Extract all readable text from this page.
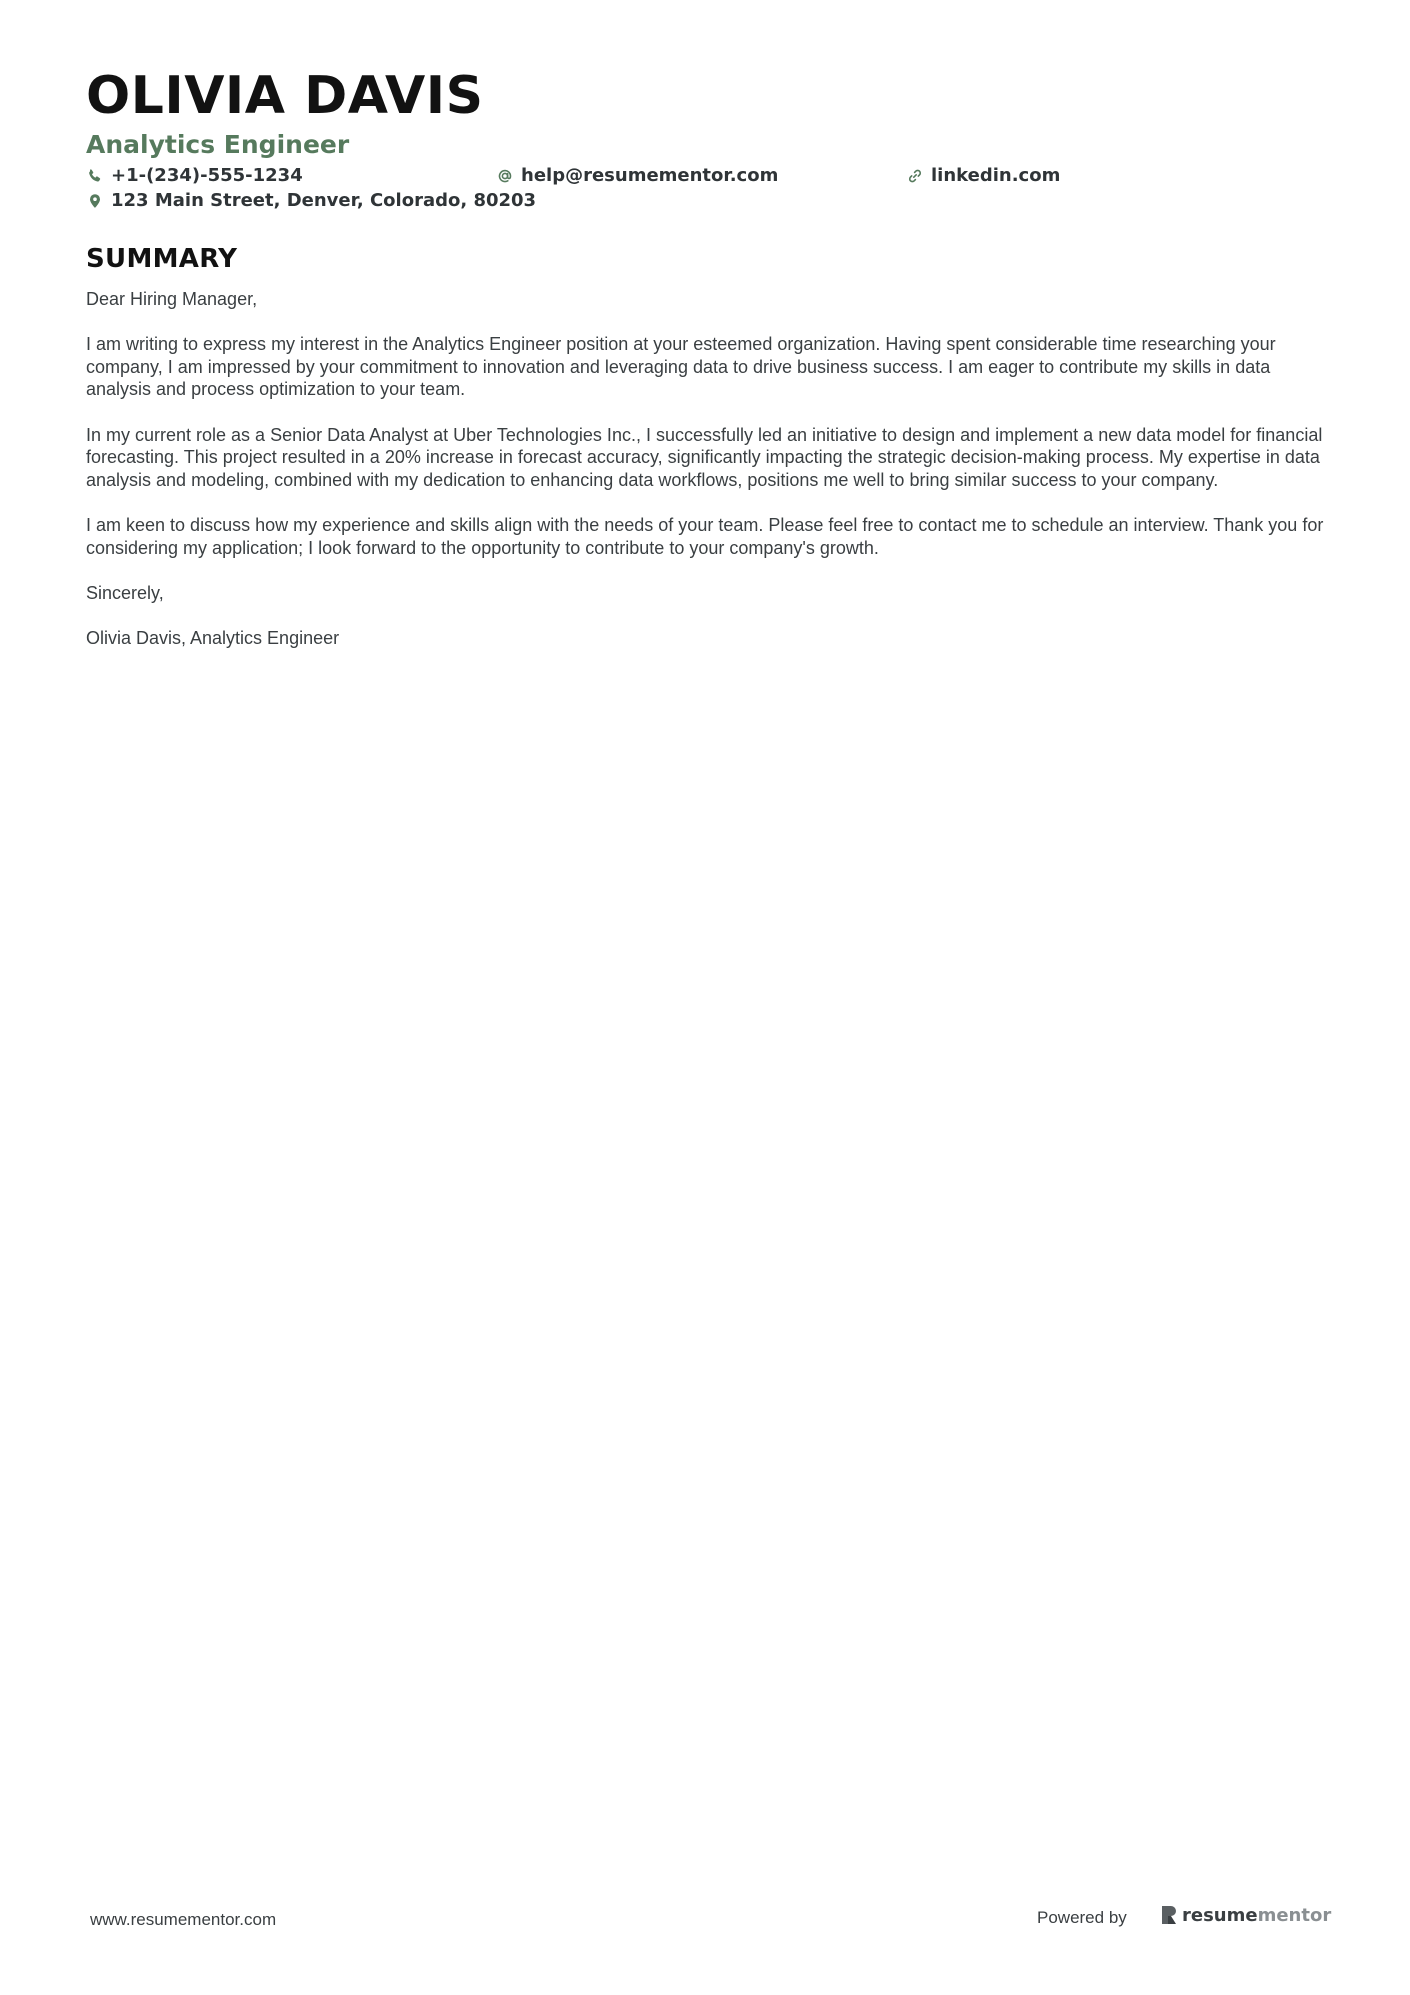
OLIVIA DAVIS
Analytics Engineer
+1-(234)-555-1234	help@resumementor.com	linkedin.com
123 Main Street, Denver, Colorado, 80203
SUMMARY

Dear Hiring Manager,

I am writing to express my interest in the Analytics Engineer position at your esteemed organization. Having spent considerable time researching your company, I am impressed by your commitment to innovation and leveraging data to drive business success. I am eager to contribute my skills in data analysis and process optimization to your team.

In my current role as a Senior Data Analyst at Uber Technologies Inc., I successfully led an initiative to design and implement a new data model for financial forecasting. This project resulted in a 20% increase in forecast accuracy, significantly impacting the strategic decision-making process. My expertise in data analysis and modeling, combined with my dedication to enhancing data workflows, positions me well to bring similar success to your company.

I am keen to discuss how my experience and skills align with the needs of your team. Please feel free to contact me to schedule an interview. Thank you for considering my application; I look forward to the opportunity to contribute to your company's growth.

Sincerely,

Olivia Davis, Analytics Engineer

www.resumementor.com	Powered by	resume mentor
